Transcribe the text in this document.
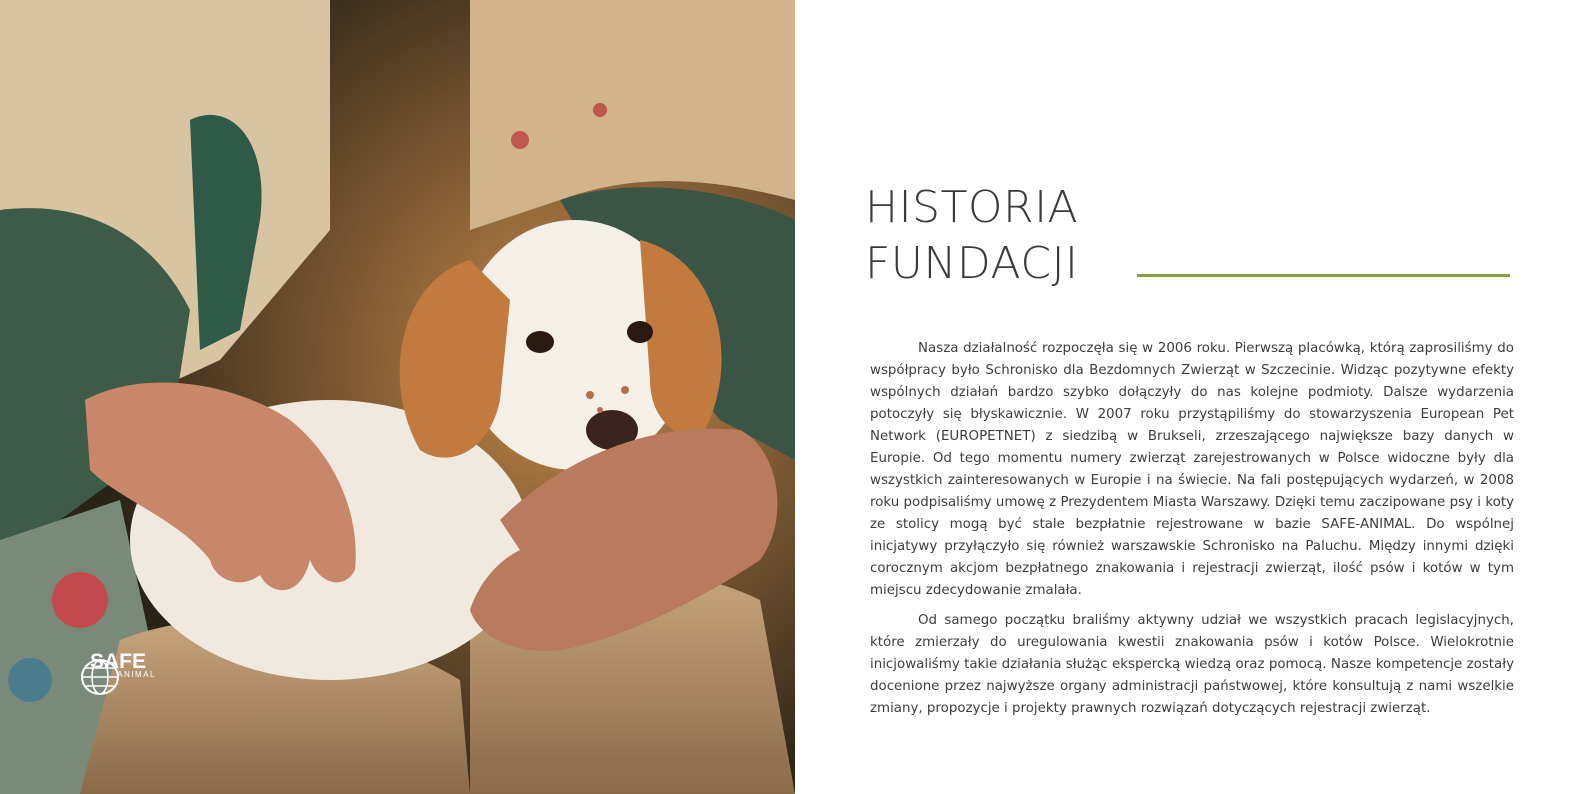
SAFE
ANIMAL
HISTORIA
FUNDACJI

Nasza działalność rozpoczęła się w 2006 roku. Pierwszą placówką, którą zaprosiliśmy do współpracy było Schronisko dla Bezdomnych Zwierząt w Szczecinie. Widząc pozytywne efekty wspólnych działań bardzo szybko dołączyły do nas kolejne podmioty. Dalsze wydarzenia potoczyły się błyskawicznie. W 2007 roku przystąpiliśmy do stowarzyszenia European Pet Network (EUROPETNET) z siedzibą w Brukseli, zrzeszającego największe bazy danych w Europie. Od tego momentu numery zwierząt zarejestrowanych w Polsce widoczne były dla wszystkich zainteresowanych w Europie i na świecie. Na fali postępujących wydarzeń, w 2008 roku podpisaliśmy umowę z Prezydentem Miasta Warszawy. Dzięki temu zaczipowane psy i koty ze stolicy mogą być stale bezpłatnie rejestrowane w bazie SAFE-ANIMAL. Do wspólnej inicjatywy przyłączyło się również warszawskie Schronisko na Paluchu. Między innymi dzięki corocznym akcjom bezpłatnego znakowania i rejestracji zwierząt, ilość psów i kotów w tym miejscu zdecydowanie zmalała.

Od samego początku braliśmy aktywny udział we wszystkich pracach legislacyjnych, które zmierzały do uregulowania kwestii znakowania psów i kotów Polsce. Wielokrotnie inicjowaliśmy takie działania służąc ekspercką wiedzą oraz pomocą. Nasze kompetencje zostały docenione przez najwyższe organy administracji państwowej, które konsultują z nami wszelkie zmiany, propozycje i projekty prawnych rozwiązań dotyczących rejestracji zwierząt.
